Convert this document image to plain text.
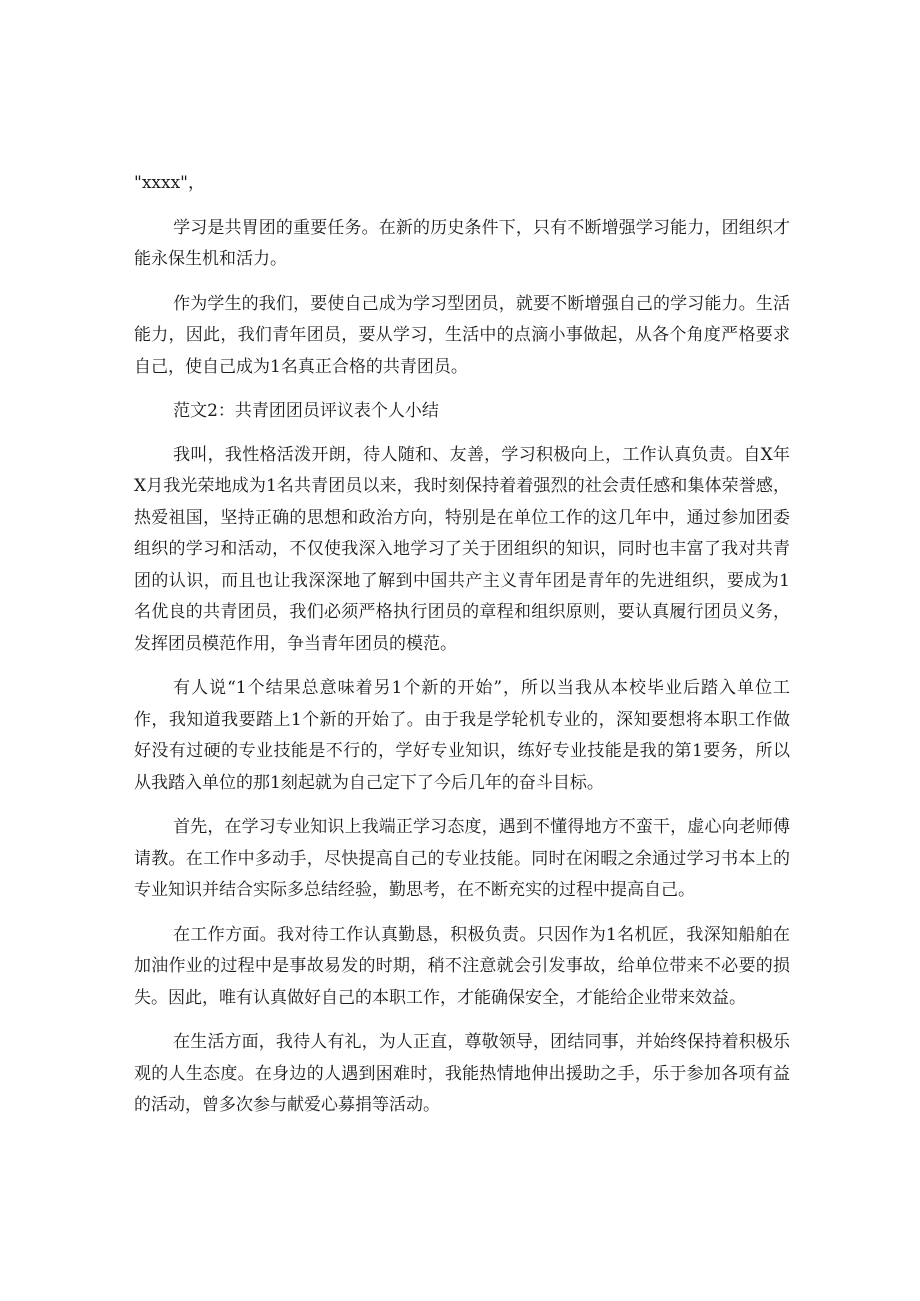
"xxxx"，

学习是共胃团的重要任务。在新的历史条件下，只有不断增强学习能力，团组织才能永保生机和活力。

作为学生的我们，要使自己成为学习型团员，就要不断增强自己的学习能力。生活能力，因此，我们青年团员，要从学习，生活中的点滴小事做起，从各个角度严格要求自己，使自己成为1名真正合格的共青团员。

范文2：共青团团员评议表个人小结

我叫，我性格活泼开朗，待人随和、友善，学习积极向上，工作认真负责。自X年X月我光荣地成为1名共青团员以来，我时刻保持着着强烈的社会责任感和集体荣誉感，热爱祖国，坚持正确的思想和政治方向，特别是在单位工作的这几年中，通过参加团委组织的学习和活动，不仅使我深入地学习了关于团组织的知识，同时也丰富了我对共青团的认识，而且也让我深深地了解到中国共产主义青年团是青年的先进组织，要成为1名优良的共青团员，我们必须严格执行团员的章程和组织原则，要认真履行团员义务，发挥团员模范作用，争当青年团员的模范。

有人说“1个结果总意味着另1个新的开始”，所以当我从本校毕业后踏入单位工作，我知道我要踏上1个新的开始了。由于我是学轮机专业的，深知要想将本职工作做好没有过硬的专业技能是不行的，学好专业知识，练好专业技能是我的第1要务，所以从我踏入单位的那1刻起就为自己定下了今后几年的奋斗目标。

首先，在学习专业知识上我端正学习态度，遇到不懂得地方不蛮干，虚心向老师傅请教。在工作中多动手，尽快提高自己的专业技能。同时在闲暇之余通过学习书本上的专业知识并结合实际多总结经验，勤思考，在不断充实的过程中提高自己。

在工作方面。我对待工作认真勤恳，积极负责。只因作为1名机匠，我深知船舶在加油作业的过程中是事故易发的时期，稍不注意就会引发事故，给单位带来不必要的损失。因此，唯有认真做好自己的本职工作，才能确保安全，才能给企业带来效益。

在生活方面，我待人有礼，为人正直，尊敬领导，团结同事，并始终保持着积极乐观的人生态度。在身边的人遇到困难时，我能热情地伸出援助之手，乐于参加各项有益的活动，曾多次参与献爱心募捐等活动。
